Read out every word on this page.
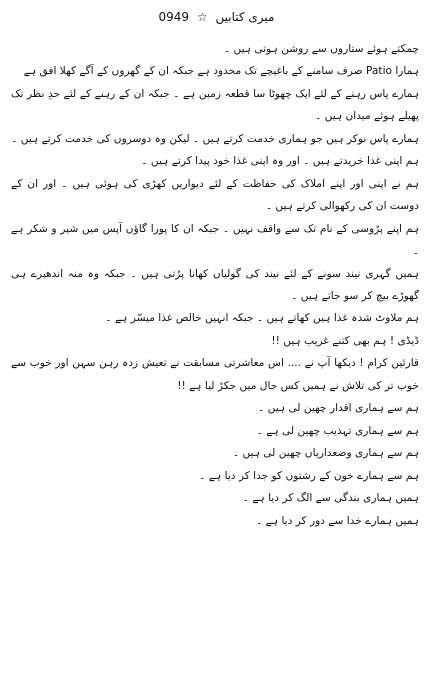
میری کتابیں ☆ 0949

چمکتے ہوئے ستاروں سے روشن ہوتی ہیں ۔

ہمارا Patio صرف سامنے کے باغیچے تک محدود ہے جبکہ ان کے گھروں کے آگے کھلا افق ہے

ہمارے پاس رہنے کے لئے ایک چھوٹا سا قطعہ زمین ہے ۔ جبکہ ان کے رہنے کے لئے حدِ نظر تک پھیلے ہوئے میدان ہیں ۔

ہمارے پاس نوکر ہیں جو ہماری خدمت کرتے ہیں ۔ لیکن وہ دوسروں کی خدمت کرتے ہیں ۔

ہم اپنی غذا خریدتے ہیں ۔ اور وہ اپنی غذا خود پیدا کرتے ہیں ۔

ہم نے اپنی اور اپنے املاک کی حفاظت کے لئے دیواریں کھڑی کی ہوئی ہیں ۔ اور ان کے دوست ان کی رکھوالی کرتے ہیں ۔

ہم اپنے پڑوسی کے نام تک سے واقف نہیں ۔ جبکہ ان کا پورا گاؤں آپس میں شیر و شکر ہے ۔

ہمیں گہری نیند سونے کے لئے نیند کی گولیاں کھانا پڑتی ہیں ۔ جبکہ وہ منہ اندھیرے ہی گھوڑے بیچ کر سو جاتے ہیں ۔

ہم ملاوٹ شدہ غذا ہیں کھاتے ہیں ۔ جبکہ انہیں خالص غذا میسّر ہے ۔

ڈیڈی ! ہم بھی کتنے غریب ہیں !!

قارئین کرام ! دیکھا آپ نے .... اس معاشرتی مسابقت نے تعیش زدہ رہن سہن اور خوب سے خوب تر کی تلاش نے ہمیں کس جال میں جکڑ لیا ہے !!

ہم سے ہماری اقدار چھین لی ہیں ۔

ہم سے ہماری تہذیب چھین لی ہے ۔

ہم سے ہماری وضعداریاں چھین لی ہیں ۔

ہم سے ہمارے خون کے رشتوں کو جدا کر دیا ہے ۔

ہمیں ہماری بندگی سے الگ کر دیا ہے ۔

ہمیں ہمارے خدا سے دور کر دیا ہے ۔
